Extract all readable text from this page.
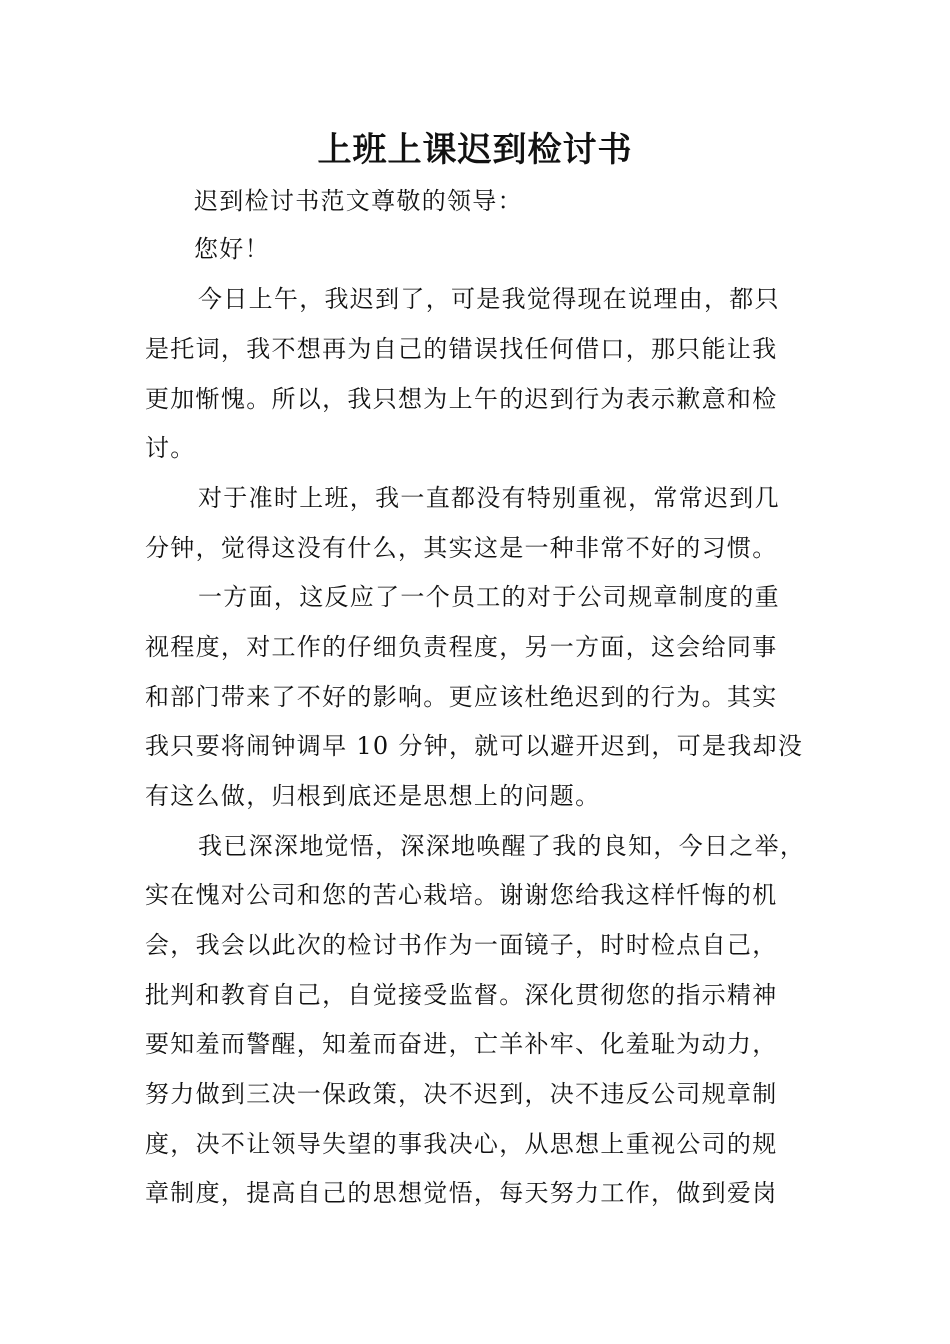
上班上课迟到检讨书

迟到检讨书范文尊敬的领导：

您好！

今日上午，我迟到了，可是我觉得现在说理由，都只

是托词，我不想再为自己的错误找任何借口，那只能让我

更加惭愧。所以，我只想为上午的迟到行为表示歉意和检

讨。

对于准时上班，我一直都没有特别重视，常常迟到几

分钟，觉得这没有什么，其实这是一种非常不好的习惯。

一方面，这反应了一个员工的对于公司规章制度的重

视程度，对工作的仔细负责程度，另一方面，这会给同事

和部门带来了不好的影响。更应该杜绝迟到的行为。其实

我只要将闹钟调早 10 分钟，就可以避开迟到，可是我却没

有这么做，归根到底还是思想上的问题。

我已深深地觉悟，深深地唤醒了我的良知，今日之举，

实在愧对公司和您的苦心栽培。谢谢您给我这样忏悔的机

会，我会以此次的检讨书作为一面镜子，时时检点自己，

批判和教育自己，自觉接受监督。深化贯彻您的指示精神

要知羞而警醒，知羞而奋进，亡羊补牢、化羞耻为动力，

努力做到三决一保政策，决不迟到，决不违反公司规章制

度，决不让领导失望的事我决心，从思想上重视公司的规

章制度，提高自己的思想觉悟，每天努力工作，做到爱岗
